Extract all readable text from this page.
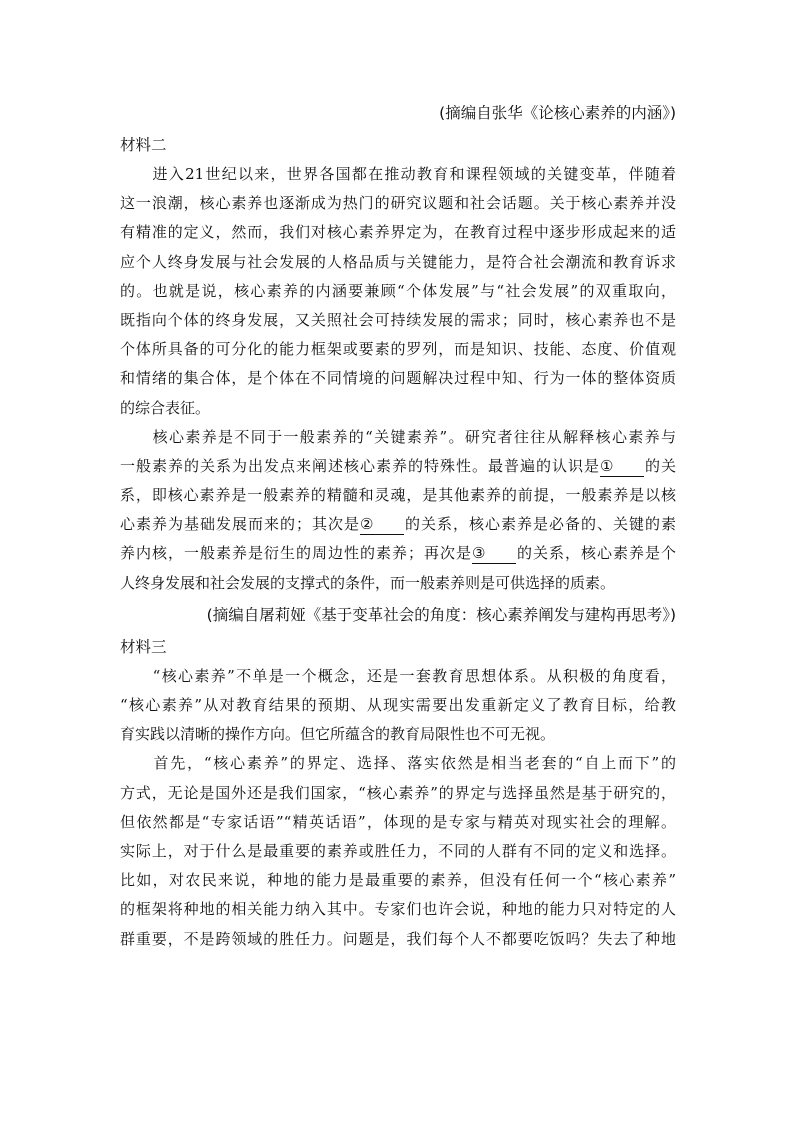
(摘编自张华《论核心素养的内涵》)

材料二

　　进入21世纪以来，世界各国都在推动教育和课程领域的关键变革，伴随着
这一浪潮，核心素养也逐渐成为热门的研究议题和社会话题。关于核心素养并没
有精准的定义，然而，我们对核心素养界定为，在教育过程中逐步形成起来的适
应个人终身发展与社会发展的人格品质与关键能力，是符合社会潮流和教育诉求
的。也就是说，核心素养的内涵要兼顾“个体发展”与“社会发展”的双重取向，
既指向个体的终身发展，又关照社会可持续发展的需求；同时，核心素养也不是
个体所具备的可分化的能力框架或要素的罗列，而是知识、技能、态度、价值观
和情绪的集合体，是个体在不同情境的问题解决过程中知、行为一体的整体资质
的综合表征。
　　核心素养是不同于一般素养的“关键素养”。研究者往往从解释核心素养与
一般素养的关系为出发点来阐述核心素养的特殊性。最普遍的认识是① 的关
系，即核心素养是一般素养的精髓和灵魂，是其他素养的前提，一般素养是以核
心素养为基础发展而来的；其次是② 的关系，核心素养是必备的、关键的素
养内核，一般素养是衍生的周边性的素养；再次是③ 的关系，核心素养是个
人终身发展和社会发展的支撑式的条件，而一般素养则是可供选择的质素。

(摘编自屠莉娅《基于变革社会的角度：核心素养阐发与建构再思考》)

材料三

　　“核心素养”不单是一个概念，还是一套教育思想体系。从积极的角度看，
“核心素养”从对教育结果的预期、从现实需要出发重新定义了教育目标，给教
育实践以清晰的操作方向。但它所蕴含的教育局限性也不可无视。
　　首先，“核心素养”的界定、选择、落实依然是相当老套的“自上而下”的
方式，无论是国外还是我们国家，“核心素养”的界定与选择虽然是基于研究的，
但依然都是“专家话语”“精英话语”，体现的是专家与精英对现实社会的理解。
实际上，对于什么是最重要的素养或胜任力，不同的人群有不同的定义和选择。
比如，对农民来说，种地的能力是最重要的素养，但没有任何一个“核心素养”
的框架将种地的相关能力纳入其中。专家们也许会说，种地的能力只对特定的人
群重要，不是跨领域的胜任力。问题是，我们每个人不都要吃饭吗？失去了种地
